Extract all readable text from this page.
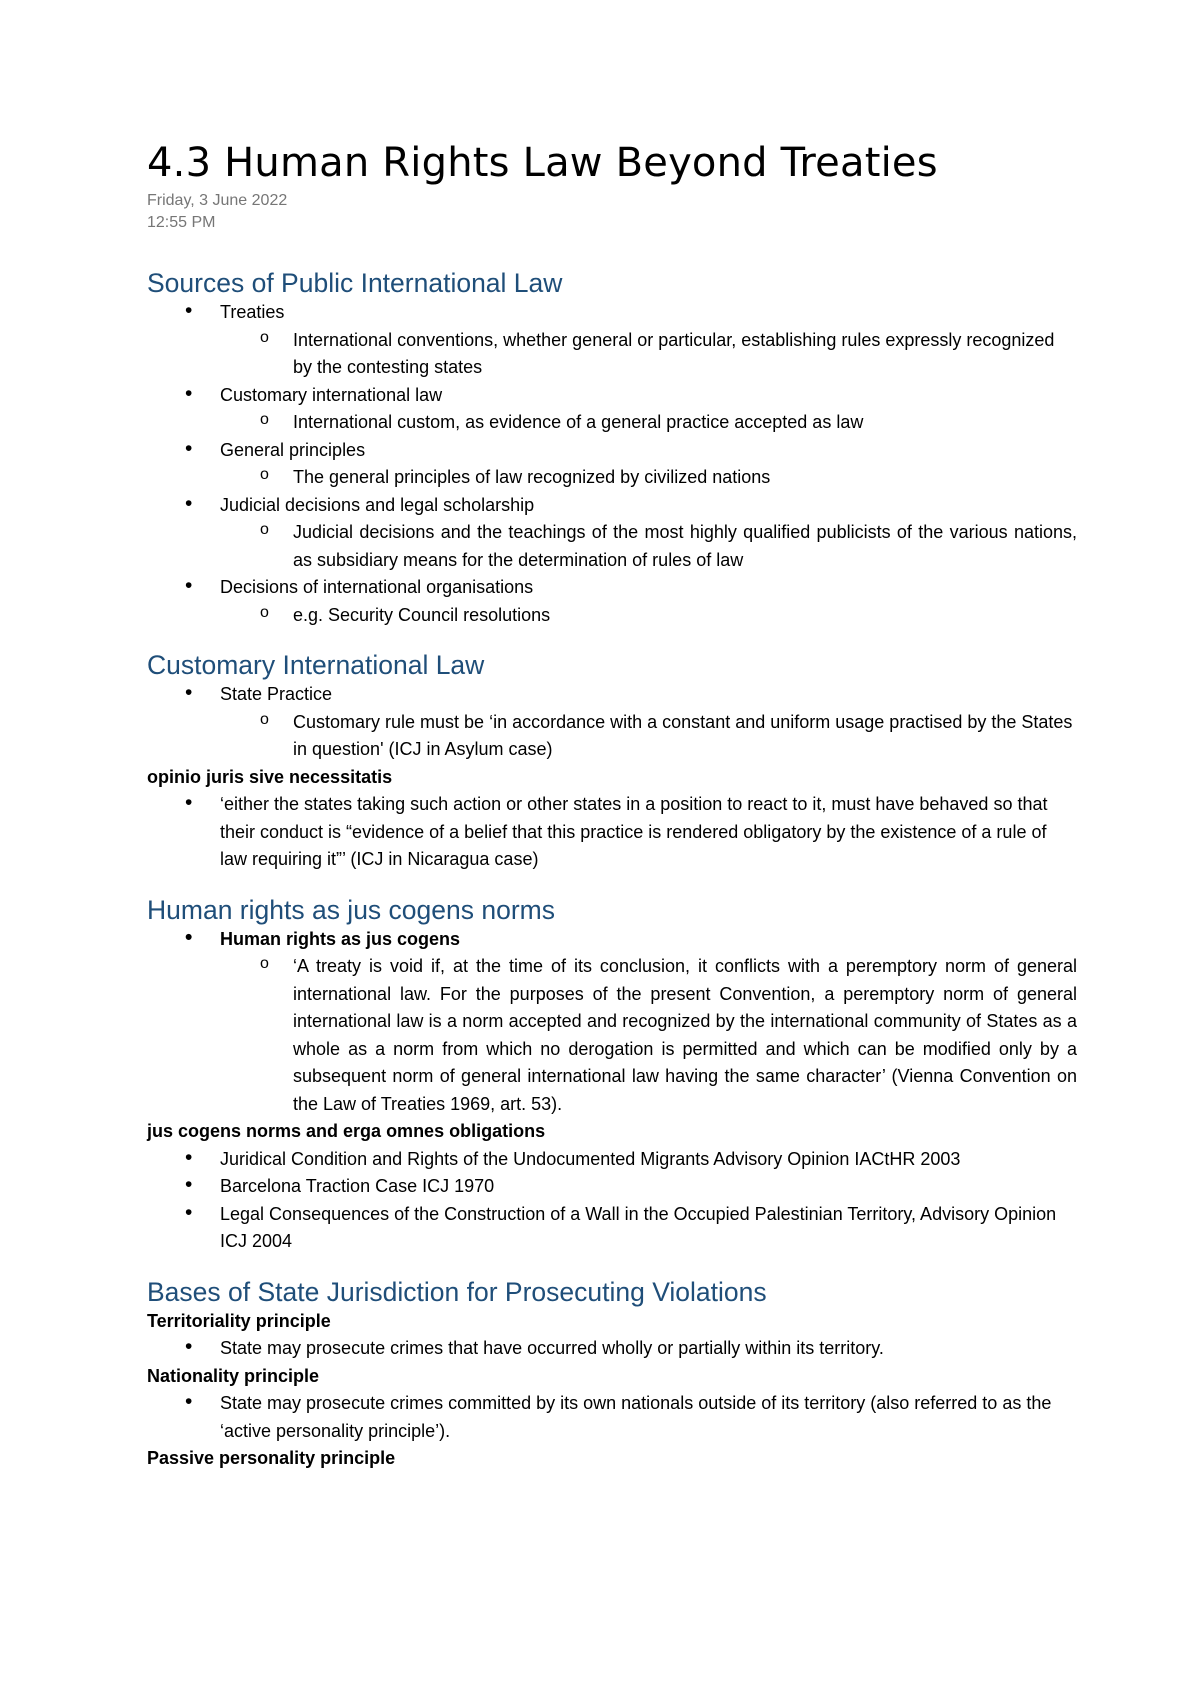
4.3 Human Rights Law Beyond Treaties

Friday, 3 June 2022

12:55 PM

Sources of Public International Law
• Treaties
o International conventions, whether general or particular, establishing rules expressly recognized by the contesting states
• Customary international law
o International custom, as evidence of a general practice accepted as law
• General principles
o The general principles of law recognized by civilized nations
• Judicial decisions and legal scholarship
o Judicial decisions and the teachings of the most highly qualified publicists of the various nations, as subsidiary means for the determination of rules of law
• Decisions of international organisations
o e.g. Security Council resolutions
Customary International Law
• State Practice
o Customary rule must be ‘in accordance with a constant and uniform usage practised by the States in question' (ICJ in Asylum case)

opinio juris sive necessitatis

• ‘either the states taking such action or other states in a position to react to it, must have behaved so that their conduct is “evidence of a belief that this practice is rendered obligatory by the existence of a rule of law requiring it”’ (ICJ in Nicaragua case)
Human rights as jus cogens norms
• Human rights as jus cogens
o ‘A treaty is void if, at the time of its conclusion, it conflicts with a peremptory norm of general international law. For the purposes of the present Convention, a peremptory norm of general international law is a norm accepted and recognized by the international community of States as a whole as a norm from which no derogation is permitted and which can be modified only by a subsequent norm of general international law having the same character’ (Vienna Convention on the Law of Treaties 1969, art. 53).

jus cogens norms and erga omnes obligations

• Juridical Condition and Rights of the Undocumented Migrants Advisory Opinion IACtHR 2003
• Barcelona Traction Case ICJ 1970
• Legal Consequences of the Construction of a Wall in the Occupied Palestinian Territory, Advisory Opinion ICJ 2004
Bases of State Jurisdiction for Prosecuting Violations

Territoriality principle

• State may prosecute crimes that have occurred wholly or partially within its territory.

Nationality principle

• State may prosecute crimes committed by its own nationals outside of its territory (also referred to as the ‘active personality principle’).

Passive personality principle
